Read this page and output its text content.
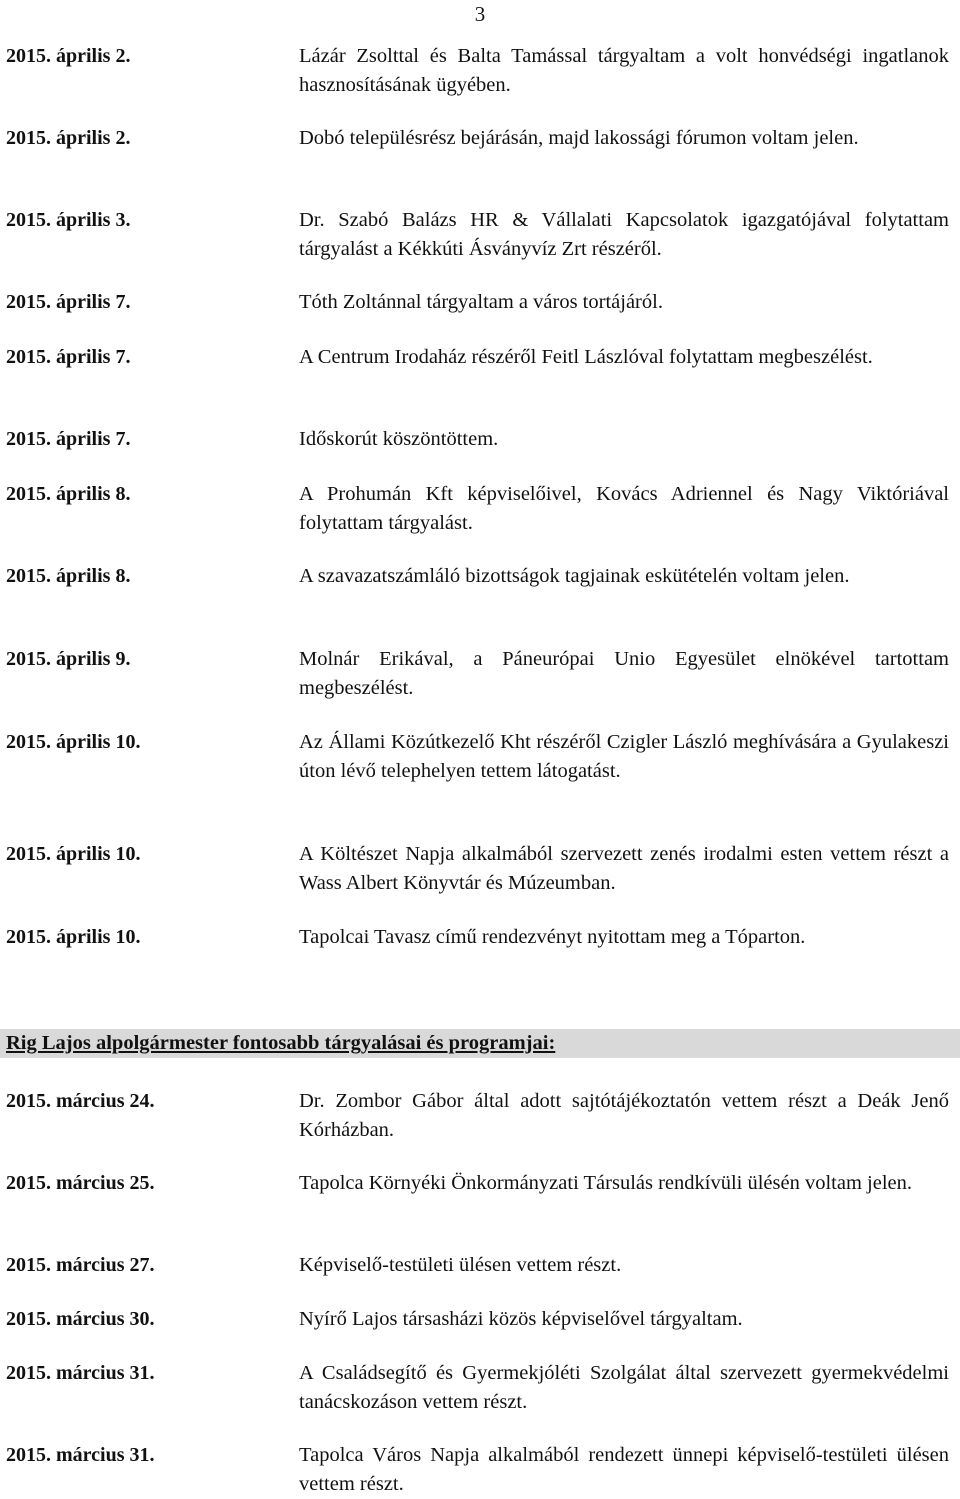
3
2015. április 2.	Lázár Zsolttal és Balta Tamással tárgyaltam a volt honvédségi ingatlanok hasznosításának ügyében.
2015. április 2.	Dobó településrész bejárásán, majd lakossági fórumon voltam jelen.
2015. április 3.	Dr. Szabó Balázs HR & Vállalati Kapcsolatok igazgatójával folytattam tárgyalást a Kékkúti Ásványvíz Zrt részéről.
2015. április 7.	Tóth Zoltánnal tárgyaltam a város tortájáról.
2015. április 7.	A Centrum Irodaház részéről Feitl Lászlóval folytattam megbeszélést.
2015. április 7.	Időskorút köszöntöttem.
2015. április 8.	A Prohumán Kft képviselőivel, Kovács Adriennel és Nagy Viktóriával folytattam tárgyalást.
2015. április 8.	A szavazatszámláló bizottságok tagjainak eskütételén voltam jelen.
2015. április 9.	Molnár Erikával, a Páneurópai Unio Egyesület elnökével tartottam megbeszélést.
2015. április 10.	Az Állami Közútkezelő Kht részéről Czigler László meghívására a Gyulakeszi úton lévő telephelyen tettem látogatást.
2015. április 10.	A Költészet Napja alkalmából szervezett zenés irodalmi esten vettem részt a Wass Albert Könyvtár és Múzeumban.
2015. április 10.	Tapolcai Tavasz című rendezvényt nyitottam meg a Tóparton.
Rig Lajos alpolgármester fontosabb tárgyalásai és programjai:
2015. március 24.	Dr. Zombor Gábor által adott sajtótájékoztatón vettem részt a Deák Jenő Kórházban.
2015. március 25.	Tapolca Környéki Önkormányzati Társulás rendkívüli ülésén voltam jelen.
2015. március 27.	Képviselő-testületi ülésen vettem részt.
2015. március 30.	Nyírő Lajos társasházi közös képviselővel tárgyaltam.
2015. március 31.	A Családsegítő és Gyermekjóléti Szolgálat által szervezett gyermekvédelmi tanácskozáson vettem részt.
2015. március 31.	Tapolca Város Napja alkalmából rendezett ünnepi képviselő-testületi ülésen vettem részt.
